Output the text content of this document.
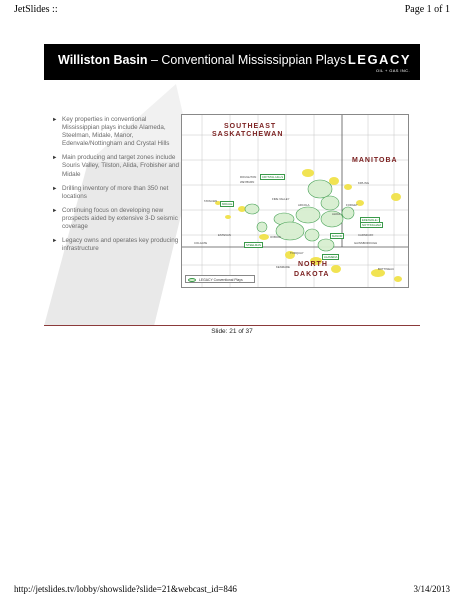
JetSlides ::	Page 1 of 1
Williston Basin – Conventional Mississippian Plays LEGACY
OIL + GAS INC.
► Key properties in conventional Mississippian plays include Alameda, Steelman, Midale, Manor, Edenvale/Nottingham and Crystal Hills
► Main producing and target zones include Souris Valley, Tilston, Alida, Frobisher and Midale
► Drilling inventory of more than 350 net locations
► Continuing focus on developing new prospects aided by extensive 3-D seismic coverage
► Legacy owns and operates key producing infrastructure
SOUTHEAST
SASKATCHEWAN
MANITOBA
NORTH
DAKOTA
CRYSTAL HILLS
MIDALE
STEELMAN
EDENVALE /
NOTTINGHAM
MANOR
ALAMEDA
ROUGHTON
WEYBURN
TATAGWA	FIRE VALLEY
ARCOLA	FORGET
ESTEVAN	OXBOW	CARNDUFF
GAINSBOROUGH
ALIDA
KIPLING
COLGATE
TORQUAY
KENMARE	BOTTINEAU
LEGACY Conventional Plays
Slide: 21 of 37
http://jetslides.tv/lobby/showslide?slide=21&webcast_id=846	3/14/2013
